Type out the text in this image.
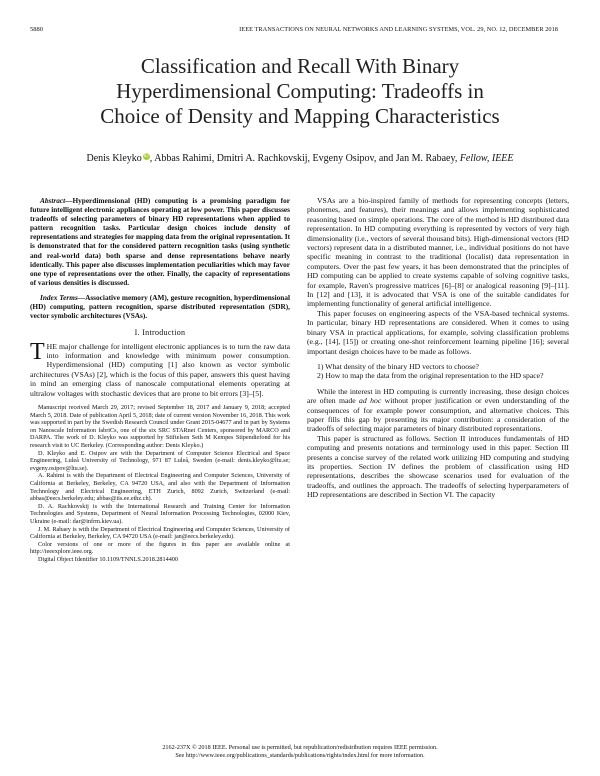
5880	IEEE TRANSACTIONS ON NEURAL NETWORKS AND LEARNING SYSTEMS, VOL. 29, NO. 12, DECEMBER 2018
Classification and Recall With Binary
Hyperdimensional Computing: Tradeoffs in
Choice of Density and Mapping Characteristics
Denis Kleyko iD, Abbas Rahimi, Dmitri A. Rachkovskij, Evgeny Osipov, and Jan M. Rabaey, Fellow, IEEE

Abstract—Hyperdimensional (HD) computing is a promising paradigm for future intelligent electronic appliances operating at low power. This paper discusses tradeoffs of selecting parameters of binary HD representations when applied to pattern recognition tasks. Particular design choices include density of representations and strategies for mapping data from the original representation. It is demonstrated that for the considered pattern recognition tasks (using synthetic and real-world data) both sparse and dense representations behave nearly identically. This paper also discusses implementation peculiarities which may favor one type of representations over the other. Finally, the capacity of representations of various densities is discussed.

Index Terms—Associative memory (AM), gesture recognition, hyperdimensional (HD) computing, pattern recognition, sparse distributed representation (SDR), vector symbolic architectures (VSAs).

I. Introduction

THE major challenge for intelligent electronic appliances is to turn the raw data into information and knowledge with minimum power consumption. Hyperdimensional (HD) computing [1] also known as vector symbolic architectures (VSAs) [2], which is the focus of this paper, answers this quest having in mind an emerging class of nanoscale computational elements operating at ultralow voltages with stochastic devices that are prone to bit errors [3]–[5].

Manuscript received March 29, 2017; revised September 18, 2017 and January 9, 2018; accepted March 5, 2018. Date of publication April 5, 2018; date of current version November 16, 2018. This work was supported in part by the Swedish Research Council under Grant 2015-04677 and in part by Systems on Nanoscale Information fabriCs, one of the six SRC STARnet Centers, sponsored by MARCO and DARPA. The work of D. Kleyko was supported by Stiftelsen Seth M Kempes Stipendiefond for his research visit to UC Berkeley. (Corresponding author: Denis Kleyko.)

D. Kleyko and E. Osipov are with the Department of Computer Science Electrical and Space Engineering, Luleå University of Technology, 971 87 Luleå, Sweden (e-mail: denis.kleyko@ltu.se; evgeny.osipov@ltu.se).

A. Rahimi is with the Department of Electrical Engineering and Computer Sciences, University of California at Berkeley, Berkeley, CA 94720 USA, and also with the Department of Information Technology and Electrical Engineering, ETH Zurich, 8092 Zurich, Switzerland (e-mail: abbas@eecs.berkeley.edu; abbas@iis.ee.ethz.ch).

D. A. Rachkovskij is with the International Research and Training Center for Information Technologies and Systems, Department of Neural Information Processing Technologies, 02000 Kiev, Ukraine (e-mail: dar@infrm.kiev.ua).

J. M. Rabaey is with the Department of Electrical Engineering and Computer Sciences, University of California at Berkeley, Berkeley, CA 94720 USA (e-mail: jan@eecs.berkeley.edu).

Color versions of one or more of the figures in this paper are available online at http://ieeexplore.ieee.org.

Digital Object Identifier 10.1109/TNNLS.2018.2814400

VSAs are a bio-inspired family of methods for representing concepts (letters, phonemes, and features), their meanings and allows implementing sophisticated reasoning based on simple operations. The core of the method is HD distributed data representation. In HD computing everything is represented by vectors of very high dimensionality (i.e., vectors of several thousand bits). High-dimensional vectors (HD vectors) represent data in a distributed manner, i.e., individual positions do not have specific meaning in contrast to the traditional (localist) data representation in computers. Over the past few years, it has been demonstrated that the principles of HD computing can be applied to create systems capable of solving cognitive tasks, for example, Raven's progressive matrices [6]–[8] or analogical reasoning [9]–[11]. In [12] and [13], it is advocated that VSA is one of the suitable candidates for implementing functionality of general artificial intelligence.

This paper focuses on engineering aspects of the VSA-based technical systems. In particular, binary HD representations are considered. When it comes to using binary VSA in practical applications, for example, solving classification problems (e.g., [14], [15]) or creating one-shot reinforcement learning pipeline [16]; several important design choices have to be made as follows.

1) What density of the binary HD vectors to choose?
2) How to map the data from the original representation to the HD space?

While the interest in HD computing is currently increasing, these design choices are often made ad hoc without proper justification or even understanding of the consequences of for example power consumption, and alternative choices. This paper fills this gap by presenting its major contribution: a consideration of the tradeoffs of selecting major parameters of binary distributed representations.

This paper is structured as follows. Section II introduces fundamentals of HD computing and presents notations and terminology used in this paper. Section III presents a concise survey of the related work utilizing HD computing and studying its properties. Section IV defines the problem of classification using HD representations, describes the showcase scenarios used for evaluation of the tradeoffs, and outlines the approach. The tradeoffs of selecting hyperparameters of HD representations are described in Section VI. The capacity

2162-237X © 2018 IEEE. Personal use is permitted, but republication/redistribution requires IEEE permission.
See http://www.ieee.org/publications_standards/publications/rights/index.html for more information.
